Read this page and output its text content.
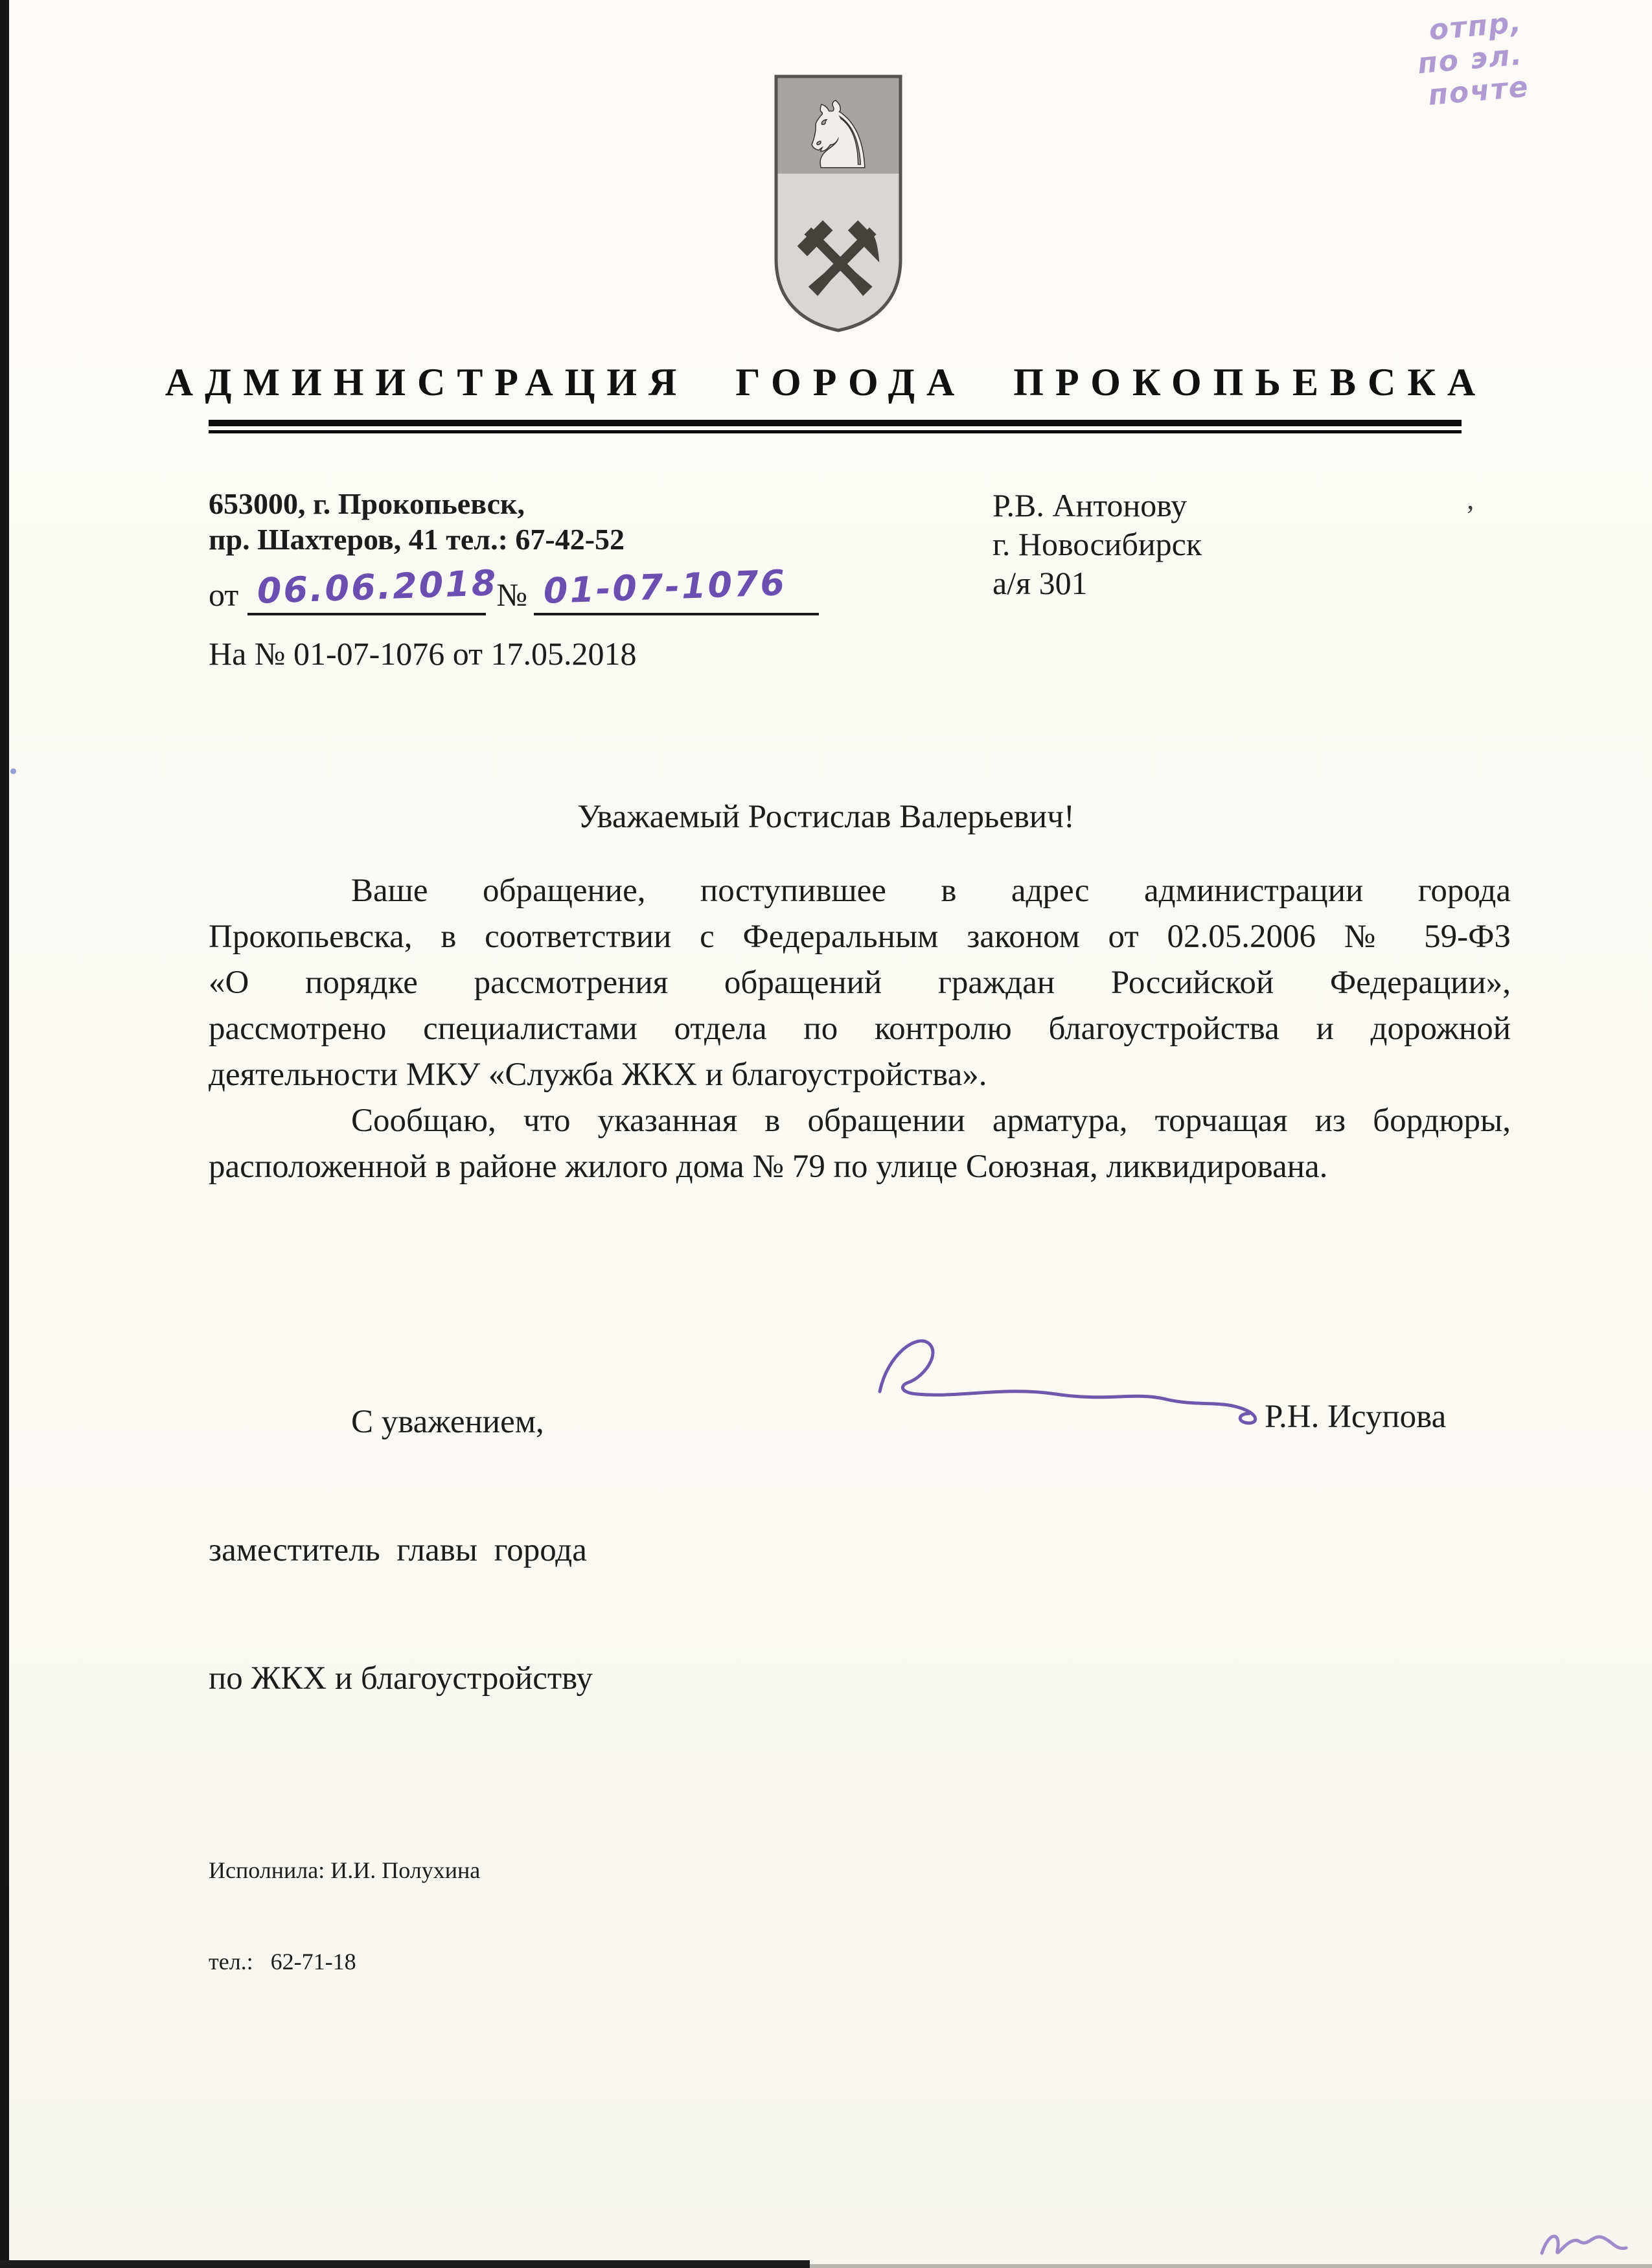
отпр,
по эл.
почте
♞
⚒
АДМИНИСТРАЦИЯ ГОРОДА ПРОКОПЬЕВСКА
653000, г. Прокопьевск,
пр. Шахтеров, 41 тел.: 67-42-52
от 06.06.2018
№ 01-07-1076
На № 01-07-1076 от 17.05.2018
Р.В. Антонову
г. Новосибирск
а/я 301
Уважаемый Ростислав Валерьевич!
Ваше обращение, поступившее в адрес администрации города
Прокопьевска, в соответствии с Федеральным законом от 02.05.2006 № 59-ФЗ
«О порядке рассмотрения обращений граждан Российской Федерации»,
рассмотрено специалистами отдела по контролю благоустройства и дорожной
деятельности МКУ «Служба ЖКХ и благоустройства».
Сообщаю, что указанная в обращении арматура, торчащая из бордюры,
расположенной в районе жилого дома № 79 по улице Союзная, ликвидирована.

С уважением,

заместитель  главы  города

по ЖКХ и благоустройству

Р.Н. Исупова

Исполнила: И.И. Полухина

тел.:   62-71-18

’
